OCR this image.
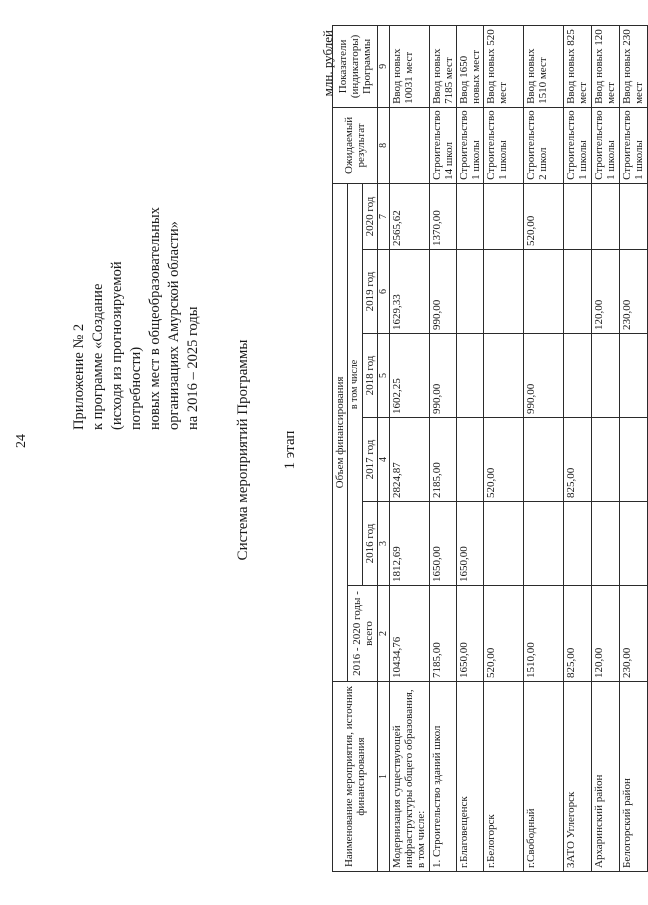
24
Приложение № 2 к программе «Создание (исходя из прогнозируемой потребности) новых мест в общеобразовательных организациях Амурской области» на 2016 – 2025 годы Система мероприятий Программы 1 этап
млн. рублей
Наименование мероприятия, источник финансирования	Объем финансирования						Ожидаемый результат	Показатели (индикаторы) Программы
	2016 - 2020 годы - всего	в том числе						
		2016 год	2017 год	2018 год	2019 год	2020 год		
1	2	3	4	5	6	7	8	9
Модернизация существующей инфраструктуры общего образования, в том числе:	10434,76	1812,69	2824,87	1602,25	1629,33	2565,62		Ввод новых 10031 мест
1. Строительство зданий школ	7185,00	1650,00	2185,00	990,00	990,00	1370,00	Строительство 14 школ	Ввод новых 7185 мест
г.Благовещенск	1650,00	1650,00					Строительство 1 школы	Ввод 1650 новых мест
г.Белогорск	520,00		520,00				Строительство 1 школы	Ввод новых 520 мест
г.Свободный	1510,00			990,00		520,00	Строительство 2 школ	Ввод новых 1510 мест
ЗАТО Углегорск	825,00		825,00				Строительство 1 школы	Ввод новых 825 мест
Архаринский район	120,00				120,00		Строительство 1 школы	Ввод новых 120 мест
Белогорский район	230,00				230,00		Строительство 1 школы	Ввод новых 230 мест
